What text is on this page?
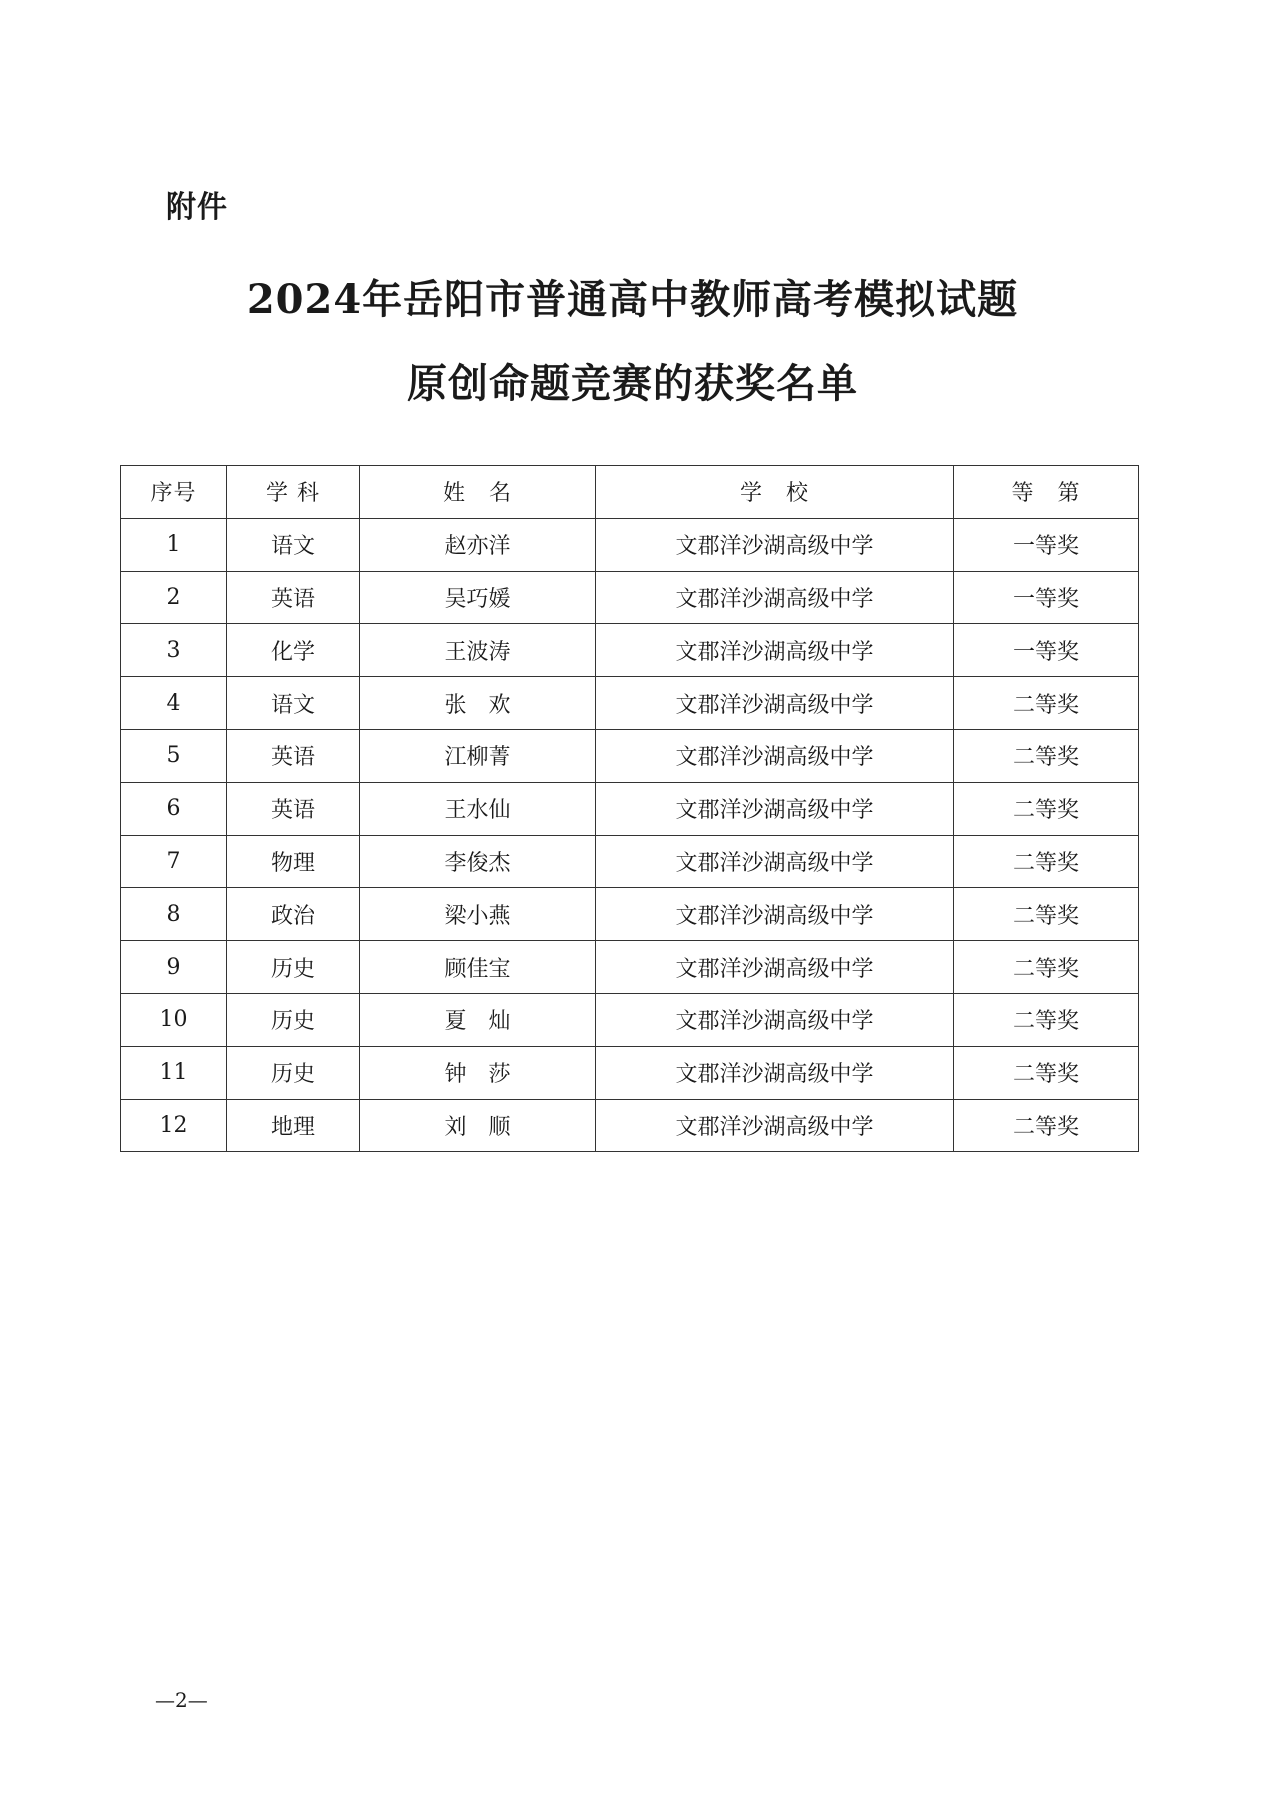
附件
2024年岳阳市普通高中教师高考模拟试题
原创命题竞赛的获奖名单
序号	学 科	姓　名	学　校	等　第
1	语文	赵亦洋	文郡洋沙湖高级中学	一等奖
2	英语	吴巧媛	文郡洋沙湖高级中学	一等奖
3	化学	王波涛	文郡洋沙湖高级中学	一等奖
4	语文	张　欢	文郡洋沙湖高级中学	二等奖
5	英语	江柳菁	文郡洋沙湖高级中学	二等奖
6	英语	王水仙	文郡洋沙湖高级中学	二等奖
7	物理	李俊杰	文郡洋沙湖高级中学	二等奖
8	政治	梁小燕	文郡洋沙湖高级中学	二等奖
9	历史	顾佳宝	文郡洋沙湖高级中学	二等奖
10	历史	夏　灿	文郡洋沙湖高级中学	二等奖
11	历史	钟　莎	文郡洋沙湖高级中学	二等奖
12	地理	刘　顺	文郡洋沙湖高级中学	二等奖
—2—
